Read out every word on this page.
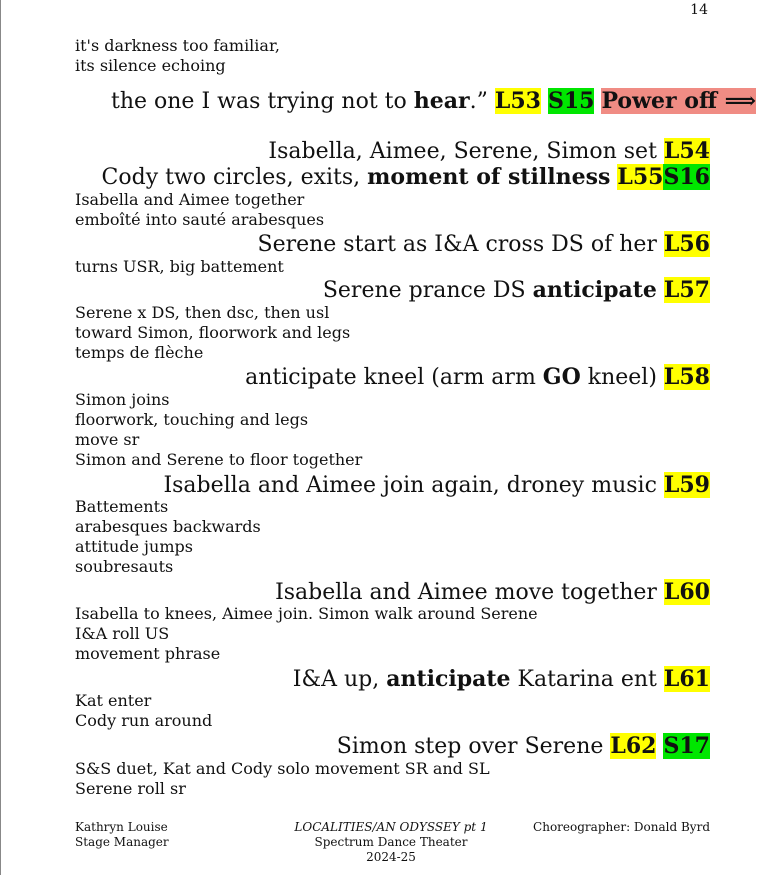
14
it's darkness too familiar,
its silence echoing
the one I was trying not to hear.” L53 S15 Power off ⟹
Isabella, Aimee, Serene, Simon set L54
Cody two circles, exits, moment of stillness L55S16
Isabella and Aimee together
emboîté into sauté arabesques
Serene start as I&A cross DS of her L56
turns USR, big battement
Serene prance DS anticipate L57
Serene x DS, then dsc, then usl
toward Simon, floorwork and legs
temps de flèche
anticipate kneel (arm arm GO kneel) L58
Simon joins
floorwork, touching and legs
move sr
Simon and Serene to floor together
Isabella and Aimee join again, droney music L59
Battements
arabesques backwards
attitude jumps
soubresauts
Isabella and Aimee move together L60
Isabella to knees, Aimee join. Simon walk around Serene
I&A roll US
movement phrase
I&A up, anticipate Katarina ent L61
Kat enter
Cody run around
Simon step over Serene L62 S17
S&S duet, Kat and Cody solo movement SR and SL
Serene roll sr
Kathryn Louise
Stage Manager
LOCALITIES/AN ODYSSEY pt 1
Spectrum Dance Theater
2024-25
Choreographer: Donald Byrd
